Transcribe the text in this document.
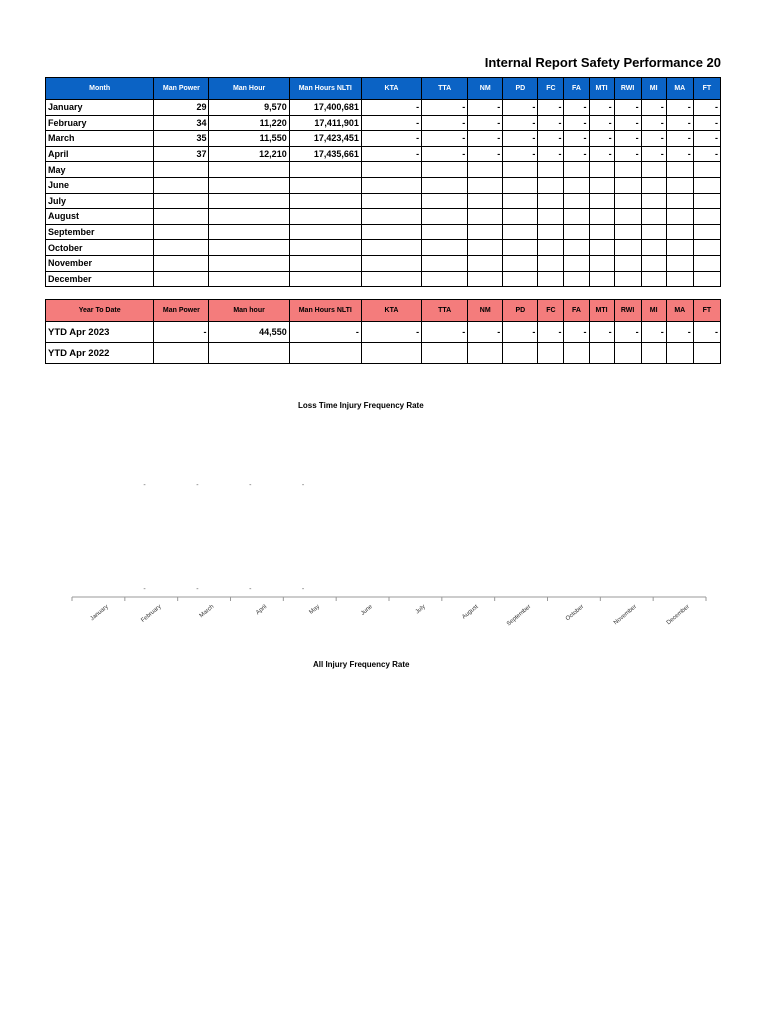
Internal Report Safety Performance 20
Month	Man Power	Man Hour	Man Hours NLTI	KTA	TTA	NM	PD	FC	FA	MTI	RWI	MI	MA	FT
January	29	9,570	17,400,681	-	-	-	-	-	-	-	-	-	-	-
February	34	11,220	17,411,901	-	-	-	-	-	-	-	-	-	-	-
March	35	11,550	17,423,451	-	-	-	-	-	-	-	-	-	-	-
April	37	12,210	17,435,661	-	-	-	-	-	-	-	-	-	-	-
May														
June														
July														
August														
September														
October														
November														
December														
Year To Date	Man Power	Man hour	Man Hours NLTI	KTA	TTA	NM	PD	FC	FA	MTI	RWI	MI	MA	FT
YTD Apr 2023	-	44,550	-	-	-	-	-	-	-	-	-	-	-	-
YTD Apr 2022														
Loss Time Injury Frequency Rate
January	February	March	April	May	June	July	August	September	October	November	December
-	-	-	-
-	-	-	-
All Injury Frequency Rate
